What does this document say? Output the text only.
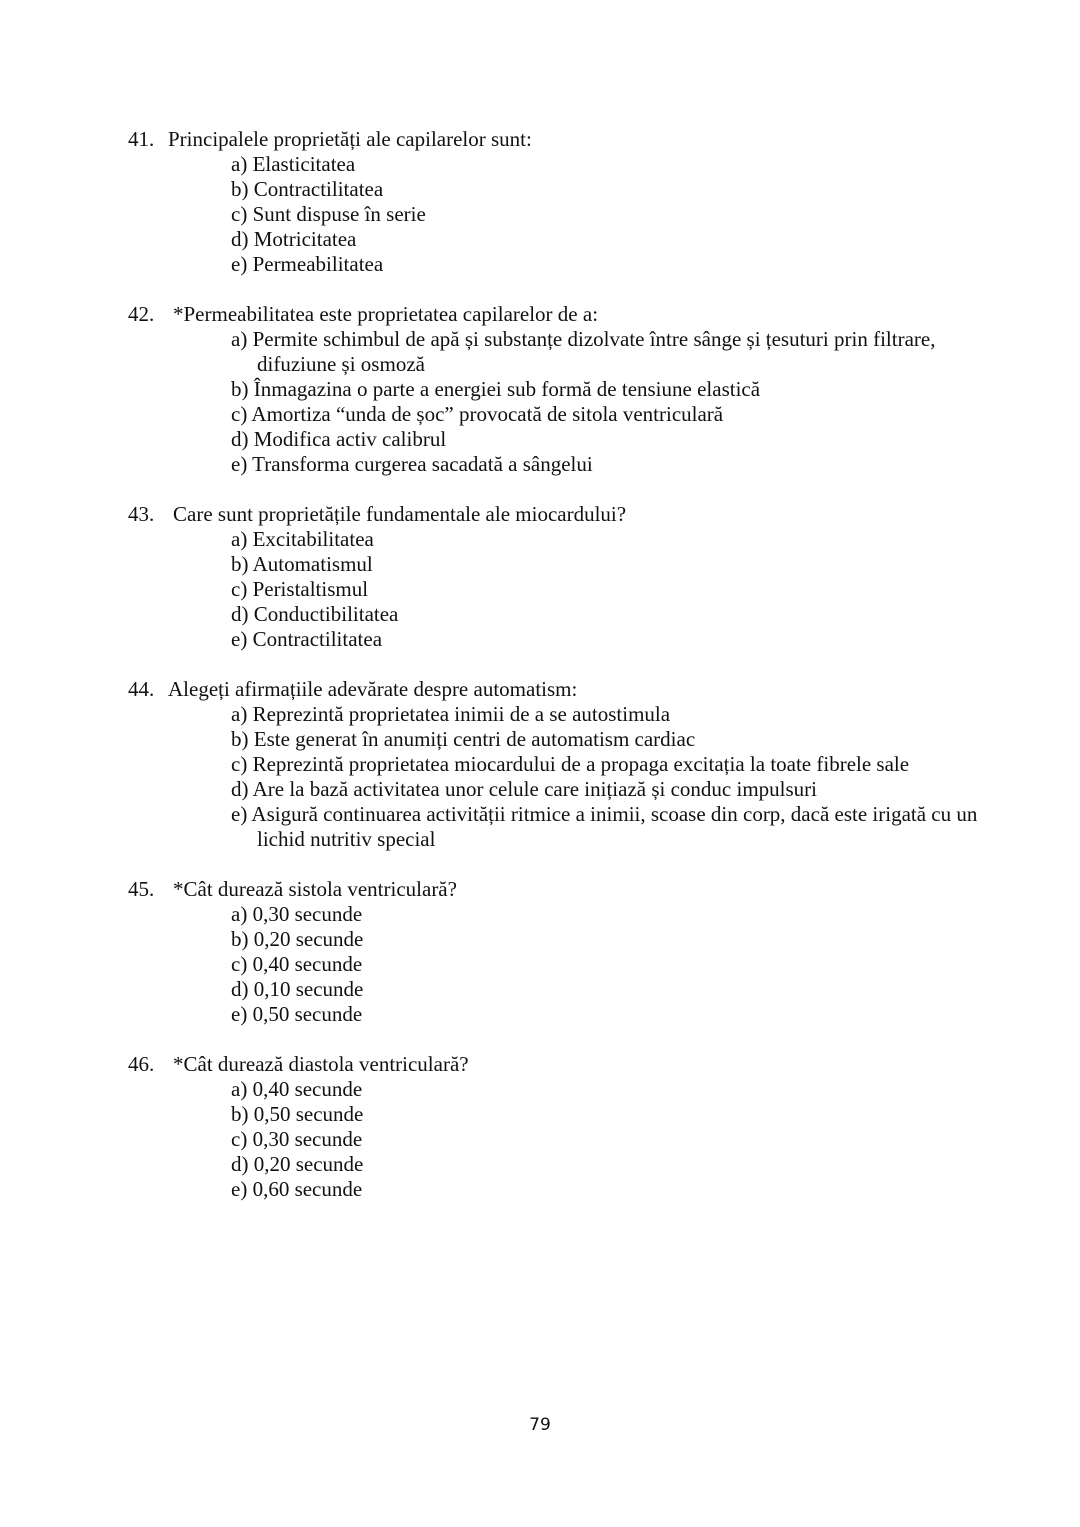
41. Principalele proprietăți ale capilarelor sunt:
a) Elasticitatea
b) Contractilitatea
c) Sunt dispuse în serie
d) Motricitatea
e) Permeabilitatea
42. *Permeabilitatea este proprietatea capilarelor de a:
a) Permite schimbul de apă și substanțe dizolvate între sânge și țesuturi prin filtrare, difuziune și osmoză
b) Înmagazina o parte a energiei sub formă de tensiune elastică
c) Amortiza “unda de șoc” provocată de sitola ventriculară
d) Modifica activ calibrul
e) Transforma curgerea sacadată a sângelui
43. Care sunt proprietățile fundamentale ale miocardului?
a) Excitabilitatea
b) Automatismul
c) Peristaltismul
d) Conductibilitatea
e) Contractilitatea
44. Alegeți afirmațiile adevărate despre automatism:
a) Reprezintă proprietatea inimii de a se autostimula
b) Este generat în anumiți centri de automatism cardiac
c) Reprezintă proprietatea miocardului de a propaga excitația la toate fibrele sale
d) Are la bază activitatea unor celule care inițiază și conduc impulsuri
e) Asigură continuarea activității ritmice a inimii, scoase din corp, dacă este irigată cu un lichid nutritiv special
45. *Cât durează sistola ventriculară?
a) 0,30 secunde
b) 0,20 secunde
c) 0,40 secunde
d) 0,10 secunde
e) 0,50 secunde
46. *Cât durează diastola ventriculară?
a) 0,40 secunde
b) 0,50 secunde
c) 0,30 secunde
d) 0,20 secunde
e) 0,60 secunde
79
